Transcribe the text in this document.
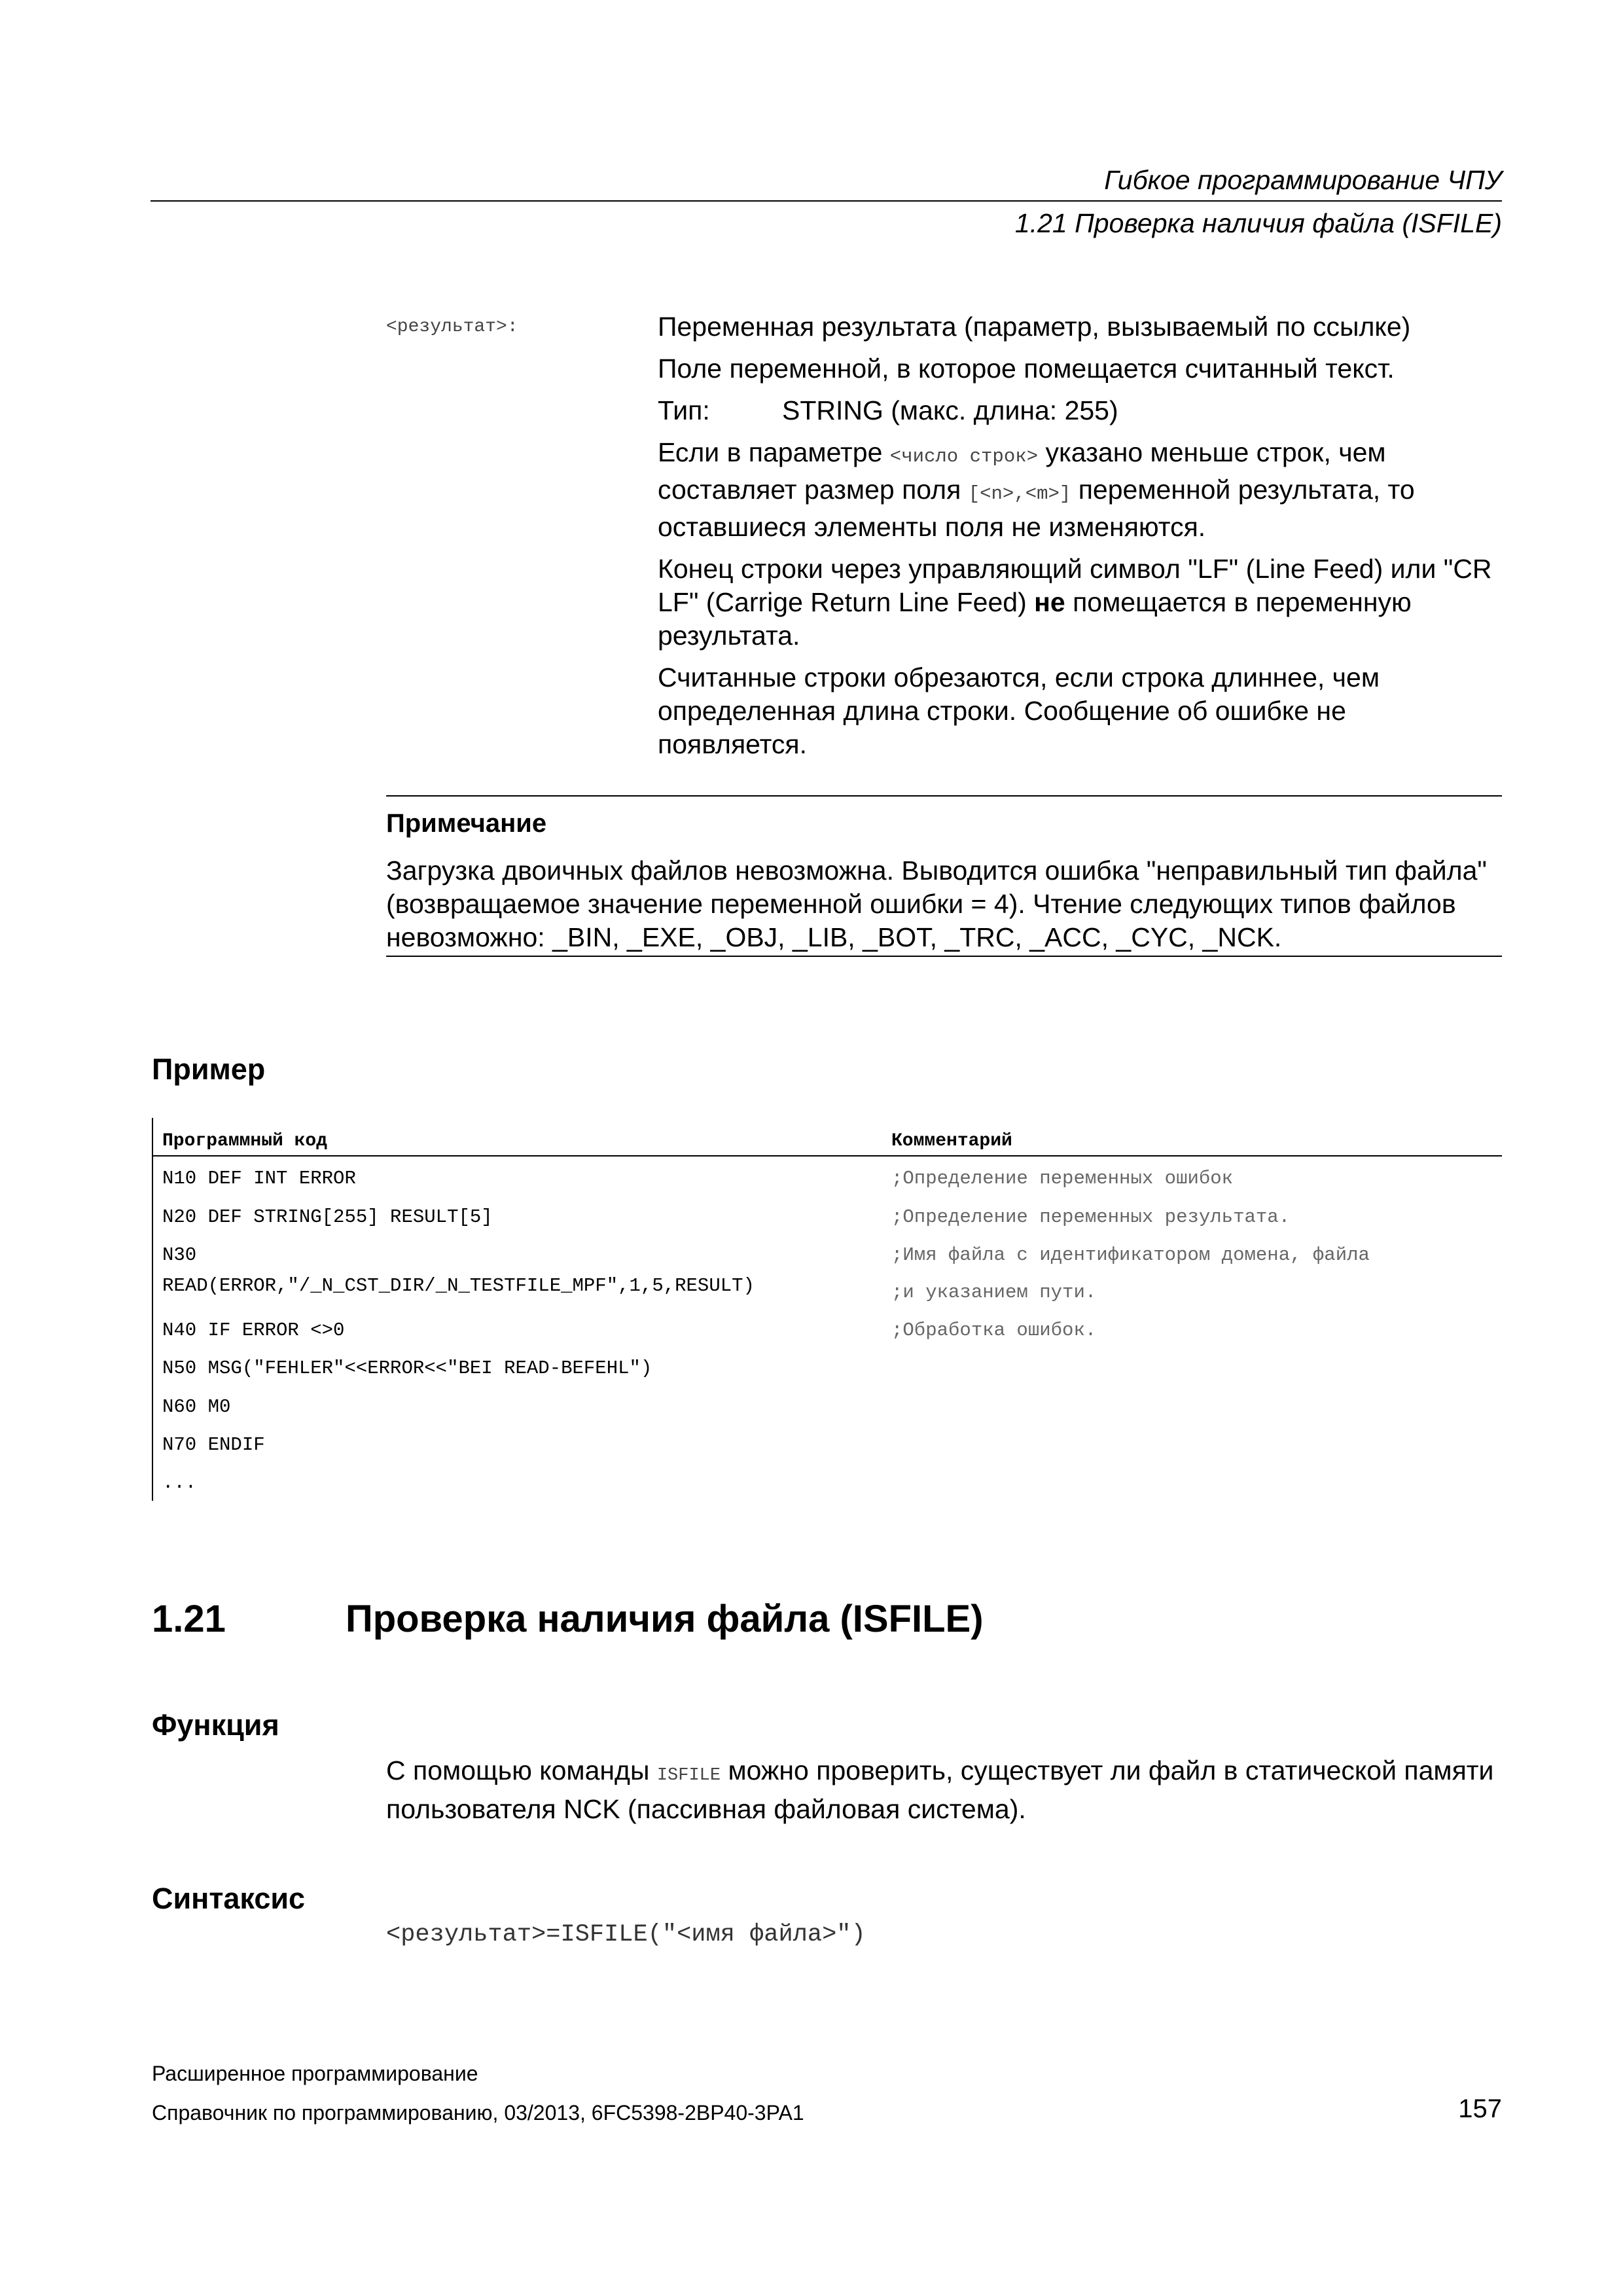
Гибкое программирование ЧПУ
1.21 Проверка наличия файла (ISFILE)
<результат>:	Переменная результата (параметр, вызываемый по ссылке)

Поле переменной, в которое помещается считанный текст.

Тип:	STRING (макс. длина: 255)

Если в параметре <число строк> указано меньше строк, чем составляет размер поля [<n>,<m>] переменной результата, то оставшиеся элементы поля не изменяются.

Конец строки через управляющий символ "LF" (Line Feed) или "CR LF" (Carrige Return Line Feed) не помещается в переменную результата.

Считанные строки обрезаются, если строка длиннее, чем определенная длина строки. Сообщение об ошибке не появляется.

Примечание
Загрузка двоичных файлов невозможна. Выводится ошибка "неправильный тип файла" (возвращаемое значение переменной ошибки = 4). Чтение следующих типов файлов невозможно: _BIN, _EXE, _OBJ, _LIB, _BOT, _TRC, _ACC, _CYC, _NCK.
Пример
Программный код	Комментарий
N10 DEF INT ERROR	;Определение переменных ошибок
N20 DEF STRING[255] RESULT[5]	;Определение переменных результата.
N30	;Имя файла с идентификатором домена, файла
READ(ERROR,"/_N_CST_DIR/_N_TESTFILE_MPF",1,5,RESULT)	;и указанием пути.
N40 IF ERROR <>0	;Обработка ошибок.
N50 MSG("FEHLER"<<ERROR<<"BEI READ-BEFEHL")
N60 M0
N70 ENDIF
...
1.21	Проверка наличия файла (ISFILE)
Функция
С помощью команды ISFILE можно проверить, существует ли файл в статической памяти пользователя NCK (пассивная файловая система).
Синтаксис
<результат>=ISFILE("<имя файла>")
Расширенное программирование
Справочник по программированию, 03/2013, 6FC5398-2BP40-3PA1	157
